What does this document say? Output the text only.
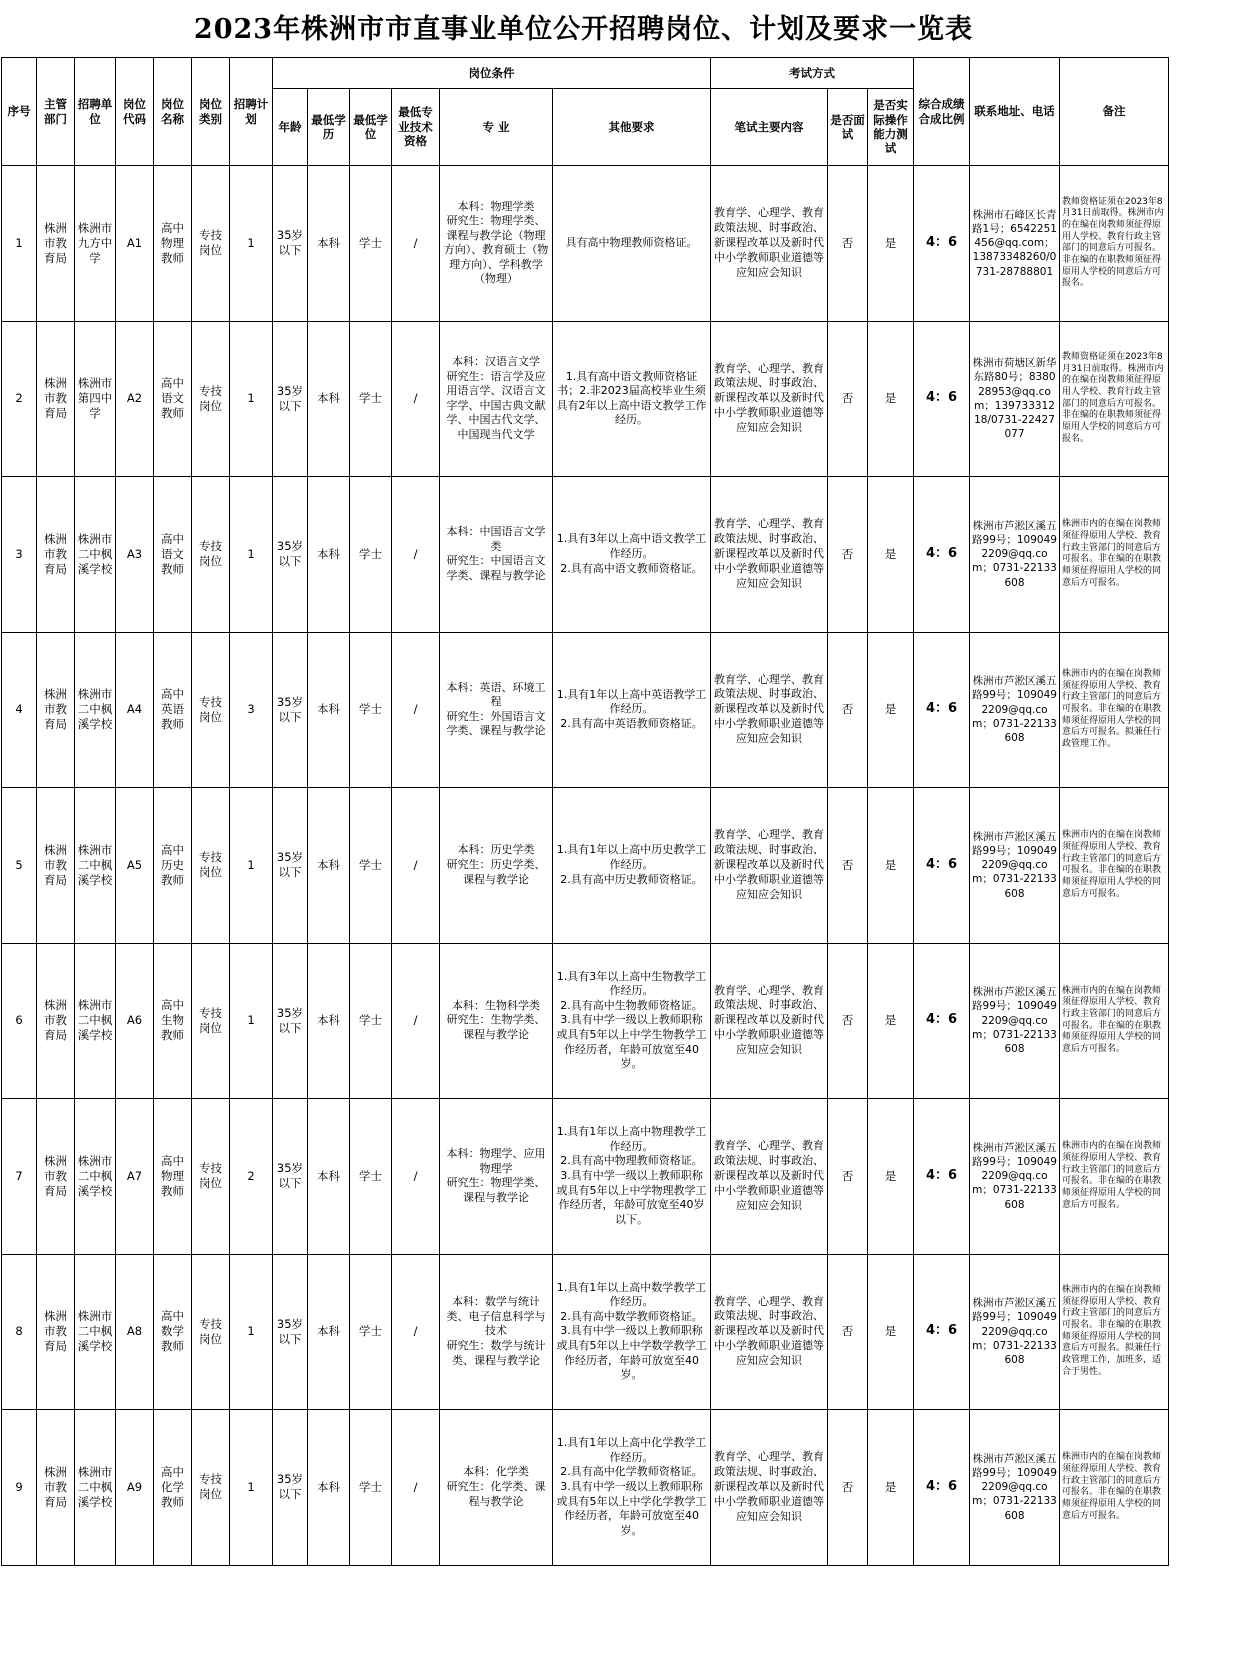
2023年株洲市市直事业单位公开招聘岗位、计划及要求一览表
序号	主管部门	招聘单位	岗位代码	岗位名称	岗位类别	招聘计划	岗位条件						考试方式			综合成绩合成比例	联系地址、电话	备注
							年龄	最低学历	最低学位	最低专业技术资格	专 业	其他要求	笔试主要内容	是否面试	是否实际操作能力测试			
1	株洲市教育局	株洲市九方中学	A1	高中物理教师	专技岗位	1	35岁以下	本科	学士	/	本科：物理学类
研究生：物理学类、课程与教学论（物理方向）、教育硕士（物理方向）、学科教学（物理）	具有高中物理教师资格证。	教育学、心理学、教育政策法规、时事政治、新课程改革以及新时代中小学教师职业道德等应知应会知识	否	是	4：6	株洲市石峰区长青路1号；6542251456@qq.com；13873348260/0731-28788801	教师资格证须在2023年8月31日前取得。株洲市内的在编在岗教师须征得原用人学校、教育行政主管部门的同意后方可报名。非在编的在职教师须征得原用人学校的同意后方可报名。
2	株洲市教育局	株洲市第四中学	A2	高中语文教师	专技岗位	1	35岁以下	本科	学士	/	本科：汉语言文学
研究生：语言学及应用语言学、汉语言文字学、中国古典文献学、中国古代文学、中国现当代文学	1.具有高中语文教师资格证书；2.非2023届高校毕业生须具有2年以上高中语文教学工作经历。	教育学、心理学、教育政策法规、时事政治、新课程改革以及新时代中小学教师职业道德等应知应会知识	否	是	4：6	株洲市荷塘区新华东路80号；838028953@qq.com；13973331218/0731-22427077	教师资格证须在2023年8月31日前取得。株洲市内的在编在岗教师须征得原用人学校、教育行政主管部门的同意后方可报名。非在编的在职教师须征得原用人学校的同意后方可报名。
3	株洲市教育局	株洲市二中枫溪学校	A3	高中语文教师	专技岗位	1	35岁以下	本科	学士	/	本科：中国语言文学类
研究生：中国语言文学类、课程与教学论	1.具有3年以上高中语文教学工作经历。
2.具有高中语文教师资格证。	教育学、心理学、教育政策法规、时事政治、新课程改革以及新时代中小学教师职业道德等应知应会知识	否	是	4：6	株洲市芦淞区溪五路99号；1090492209@qq.com；0731-22133608	株洲市内的在编在岗教师须征得原用人学校、教育行政主管部门的同意后方可报名。非在编的在职教师须征得原用人学校的同意后方可报名。
4	株洲市教育局	株洲市二中枫溪学校	A4	高中英语教师	专技岗位	3	35岁以下	本科	学士	/	本科：英语、环境工程
研究生：外国语言文学类、课程与教学论	1.具有1年以上高中英语教学工作经历。
2.具有高中英语教师资格证。	教育学、心理学、教育政策法规、时事政治、新课程改革以及新时代中小学教师职业道德等应知应会知识	否	是	4：6	株洲市芦淞区溪五路99号；1090492209@qq.com；0731-22133608	株洲市内的在编在岗教师须征得原用人学校、教育行政主管部门的同意后方可报名。非在编的在职教师须征得原用人学校的同意后方可报名。拟兼任行政管理工作。
5	株洲市教育局	株洲市二中枫溪学校	A5	高中历史教师	专技岗位	1	35岁以下	本科	学士	/	本科：历史学类
研究生：历史学类、课程与教学论	1.具有1年以上高中历史教学工作经历。
2.具有高中历史教师资格证。	教育学、心理学、教育政策法规、时事政治、新课程改革以及新时代中小学教师职业道德等应知应会知识	否	是	4：6	株洲市芦淞区溪五路99号；1090492209@qq.com；0731-22133608	株洲市内的在编在岗教师须征得原用人学校、教育行政主管部门的同意后方可报名。非在编的在职教师须征得原用人学校的同意后方可报名。
6	株洲市教育局	株洲市二中枫溪学校	A6	高中生物教师	专技岗位	1	35岁以下	本科	学士	/	本科：生物科学类
研究生：生物学类、课程与教学论	1.具有3年以上高中生物教学工作经历。
2.具有高中生物教师资格证。
3.具有中学一级以上教师职称或具有5年以上中学生物教学工作经历者，年龄可放宽至40岁。	教育学、心理学、教育政策法规、时事政治、新课程改革以及新时代中小学教师职业道德等应知应会知识	否	是	4：6	株洲市芦淞区溪五路99号；1090492209@qq.com；0731-22133608	株洲市内的在编在岗教师须征得原用人学校、教育行政主管部门的同意后方可报名。非在编的在职教师须征得原用人学校的同意后方可报名。
7	株洲市教育局	株洲市二中枫溪学校	A7	高中物理教师	专技岗位	2	35岁以下	本科	学士	/	本科：物理学、应用物理学
研究生：物理学类、课程与教学论	1.具有1年以上高中物理教学工作经历。
2.具有高中物理教师资格证。
3.具有中学一级以上教师职称或具有5年以上中学物理教学工作经历者，年龄可放宽至40岁以下。	教育学、心理学、教育政策法规、时事政治、新课程改革以及新时代中小学教师职业道德等应知应会知识	否	是	4：6	株洲市芦淞区溪五路99号；1090492209@qq.com；0731-22133608	株洲市内的在编在岗教师须征得原用人学校、教育行政主管部门的同意后方可报名。非在编的在职教师须征得原用人学校的同意后方可报名。
8	株洲市教育局	株洲市二中枫溪学校	A8	高中数学教师	专技岗位	1	35岁以下	本科	学士	/	本科：数学与统计类、电子信息科学与技术
研究生：数学与统计类、课程与教学论	1.具有1年以上高中数学教学工作经历。
2.具有高中数学教师资格证。
3.具有中学一级以上教师职称或具有5年以上中学数学教学工作经历者，年龄可放宽至40岁。	教育学、心理学、教育政策法规、时事政治、新课程改革以及新时代中小学教师职业道德等应知应会知识	否	是	4：6	株洲市芦淞区溪五路99号；1090492209@qq.com；0731-22133608	株洲市内的在编在岗教师须征得原用人学校、教育行政主管部门的同意后方可报名。非在编的在职教师须征得原用人学校的同意后方可报名。拟兼任行政管理工作，加班多，适合于男性。
9	株洲市教育局	株洲市二中枫溪学校	A9	高中化学教师	专技岗位	1	35岁以下	本科	学士	/	本科：化学类
研究生：化学类、课程与教学论	1.具有1年以上高中化学教学工作经历。
2.具有高中化学教师资格证。
3.具有中学一级以上教师职称或具有5年以上中学化学教学工作经历者，年龄可放宽至40岁。	教育学、心理学、教育政策法规、时事政治、新课程改革以及新时代中小学教师职业道德等应知应会知识	否	是	4：6	株洲市芦淞区溪五路99号；1090492209@qq.com；0731-22133608	株洲市内的在编在岗教师须征得原用人学校、教育行政主管部门的同意后方可报名。非在编的在职教师须征得原用人学校的同意后方可报名。
